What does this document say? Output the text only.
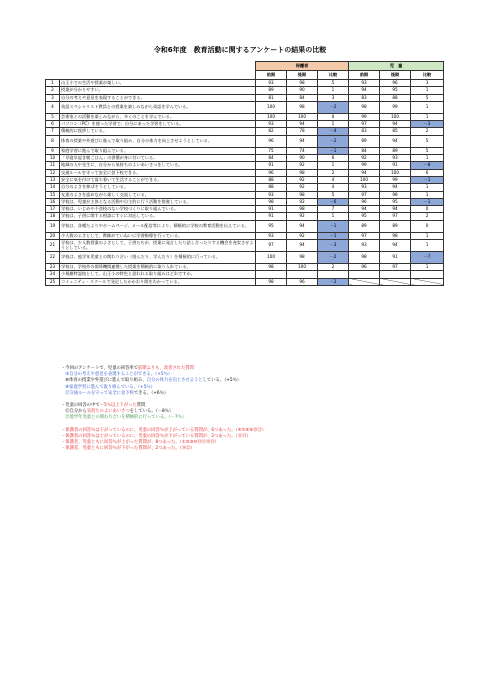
令和6年度　教育活動に関するアンケートの結果の比較
		保護者			児　童		
		前期	後期	比較	前期	後期	比較
1	山王小での生活や授業が楽しい。	93	98	5	93	96	3
2	授業が分かりやすい。	89	90	1	94	95	1
3	自分の考えや意見を表現することができる。	81	84	3	83	88	5
4	英語スペシャリスト教員との授業を楽しみながら英語を学んでいる。	100	98	－2	98	99	1
5	芸術家との活動を楽しみながら、多くのことを学んでいる。	100	100	0	99	100	1
6	パソコン（PC）を使った学習で、自分にあった学習をしている。	93	94	1	97	94	－3
7	積極的に挨拶している。	82	78	－4	83	85	2
8	体育の授業や外遊びに進んで取り組み、自分の体力を向上させようとしている。	96	94	－2	89	94	5
9	家庭学習に進んで取り組んでいる。	75	74	－1	84	89	5
10	「早寝早起き朝ごはん」の習慣が身に付いている。	84	90	6	92	93	1
11	地域の人や先生に、自分から気持ちのよいあいさつをしている。	91	92	1	99	91	－8
12	交通ルールを守って安全に登下校できる。	96	98	2	94	100	6
13	安全に気を付けて落ち着いて生活することができる。	88	92	4	100	99	－1
14	自分のよさを伸ばそうとしている。	88	92	4	93	94	1
15	友達のよさを認めながら楽しく交流している。	93	98	5	97	98	1
16	学校は、児童が主体となる活動や自主的に行う活動を推進している。	98	92	－6	96	95	－1
17	学校は、いじめや不登校のない学校づくりに取り組んでいる。	91	98	7	94	94	0
18	学校は、子供に関する相談にすぐに対応している。	91	92	1	95	97	2
19	学校は、各種たよりやホームページ、メール配信等により、積極的に学校の教育活動を伝えている。	95	94	－1	89	89	0
20	少人数のよさとして、教師がていねいに学習指導を行っている。	93	92	－1	97	98	1
21	学校は、少人数授業のよさとして、子供たちが、授業に発言したり話し合ったりする機会を充実させようとしている。	97	94	－3	93	94	1
22	学校は、他学年児童との関わり合い（遊んだり、学んだり）を積極的に行っている。	100	98	－2	98	91	－7
23	学校は、学校外の関係機関連携した授業を積極的に取り入れている。	98	100	2	96	97	1
24	小規模特認校として、山王小の特色と思われる取り組みはどれですか。						
25	コミュニティ・スクールで発足したかかわり隊をわかっている。	98	96	－2			

・今回のアンケートで、児童の回答率で前期よりも、改善された質問

　③自分の考えや意見を表現することができる。（+5％）

　⑧体育の授業や外遊びに進んで取り組み、自分の体力を向上させようとしている。（+5％）

　⑨家庭学習に進んで取り組んでいる。（+5％）

　⑫交通ルールを守って安全に登下校できる。（+6％）

・児童の回答の中で－5％以上下がった質問

　⑪自分から気持ちのよいあいさつをしている。（－8％）

　㉒他学年児童との関わり合いを積極的に行っている。（－7％）

・保護者の回答％は下がっているのに、児童の回答％が上がっている質問が、6つあった。（④⑦⑧⑨⑳㉑）

・保護者の回答％は上がっているのに、児童の回答％が下がっている質問が、2つあった。（⑪⑬）

・保護者、児童ともに回答％が上がった質問が、8つあった。（①②③⑩⑭⑮⑱㉓）

・保護者、児童ともに回答％が下がった質問が、2つあった。（⑯㉒）
